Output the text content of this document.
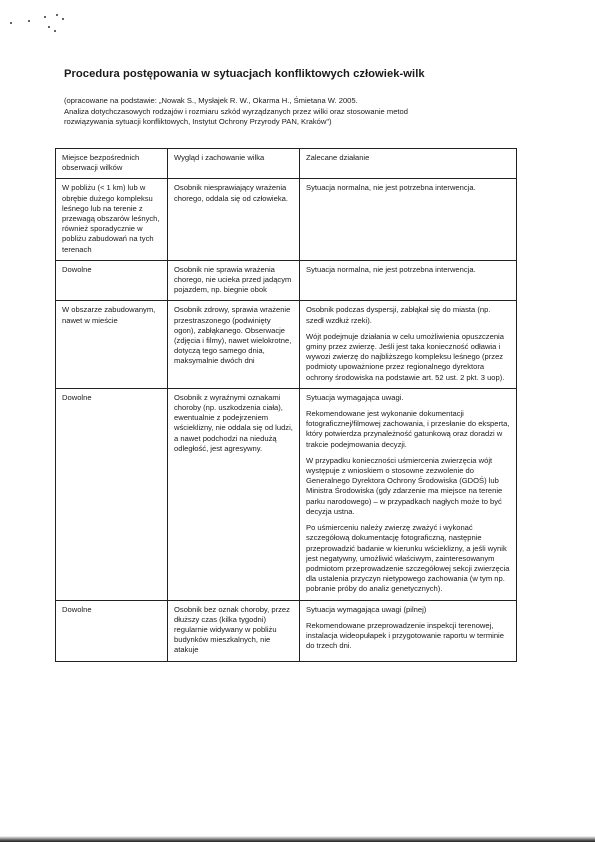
Procedura postępowania w sytuacjach konfliktowych człowiek-wilk
(opracowane na podstawie: „Nowak S., Mysłajek R. W., Okarma H., Śmietana W. 2005.
Analiza dotychczasowych rodzajów i rozmiaru szkód wyrządzanych przez wilki oraz stosowanie metod
rozwiązywania sytuacji konfliktowych, Instytut Ochrony Przyrody PAN, Kraków")
Miejsce bezpośrednich obserwacji wilków	Wygląd i zachowanie wilka	Zalecane działanie
W pobliżu (< 1 km) lub w obrębie dużego kompleksu leśnego lub na terenie z przewagą obszarów leśnych, również sporadycznie w pobliżu zabudowań na tych terenach	Osobnik niesprawiający wrażenia chorego, oddala się od człowieka.	Sytuacja normalna, nie jest potrzebna interwencja.

Dowolne	Osobnik nie sprawia wrażenia chorego, nie ucieka przed jadącym pojazdem, np. biegnie obok	Sytuacja normalna, nie jest potrzebna interwencja.

W obszarze zabudowanym, nawet w mieście	Osobnik zdrowy, sprawia wrażenie przestraszonego (podwinięty ogon), zabłąkanego. Obserwacje (zdjęcia i filmy), nawet wielokrotne, dotyczą tego samego dnia, maksymalnie dwóch dni	Osobnik podczas dyspersji, zabłąkał się do miasta (np. szedł wzdłuż rzeki).

Wójt podejmuje działania w celu umożliwienia opuszczenia gminy przez zwierzę. Jeśli jest taka konieczność odławia i wywozi zwierzę do najbliższego kompleksu leśnego (przez podmioty upoważnione przez regionalnego dyrektora ochrony środowiska na podstawie art. 52 ust. 2 pkt. 3 uop).

Dowolne	Osobnik z wyraźnymi oznakami choroby (np. uszkodzenia ciała), ewentualnie z podejrzeniem wścieklizny, nie oddala się od ludzi, a nawet podchodzi na niedużą odległość, jest agresywny.	Sytuacja wymagająca uwagi.

Rekomendowane jest wykonanie dokumentacji fotograficznej/filmowej zachowania, i przesłanie do eksperta, który potwierdza przynależność gatunkową oraz doradzi w trakcie podejmowania decyzji.

W przypadku konieczności uśmiercenia zwierzęcia wójt występuje z wnioskiem o stosowne zezwolenie do Generalnego Dyrektora Ochrony Środowiska (GDOŚ) lub Ministra Środowiska (gdy zdarzenie ma miejsce na terenie parku narodowego) – w przypadkach nagłych może to być decyzja ustna.

Po uśmierceniu należy zwierzę zważyć i wykonać szczegółową dokumentację fotograficzną, następnie przeprowadzić badanie w kierunku wścieklizny, a jeśli wynik jest negatywny, umożliwić właściwym, zainteresowanym podmiotom przeprowadzenie szczegółowej sekcji zwierzęcia dla ustalenia przyczyn nietypowego zachowania (w tym np. pobranie próby do analiz genetycznych).

Dowolne	Osobnik bez oznak choroby, przez dłuższy czas (kilka tygodni) regularnie widywany w pobliżu budynków mieszkalnych, nie atakuje	Sytuacja wymagająca uwagi (pilnej)

Rekomendowane przeprowadzenie inspekcji terenowej, instalacja wideopułapek i przygotowanie raportu w terminie do trzech dni.
